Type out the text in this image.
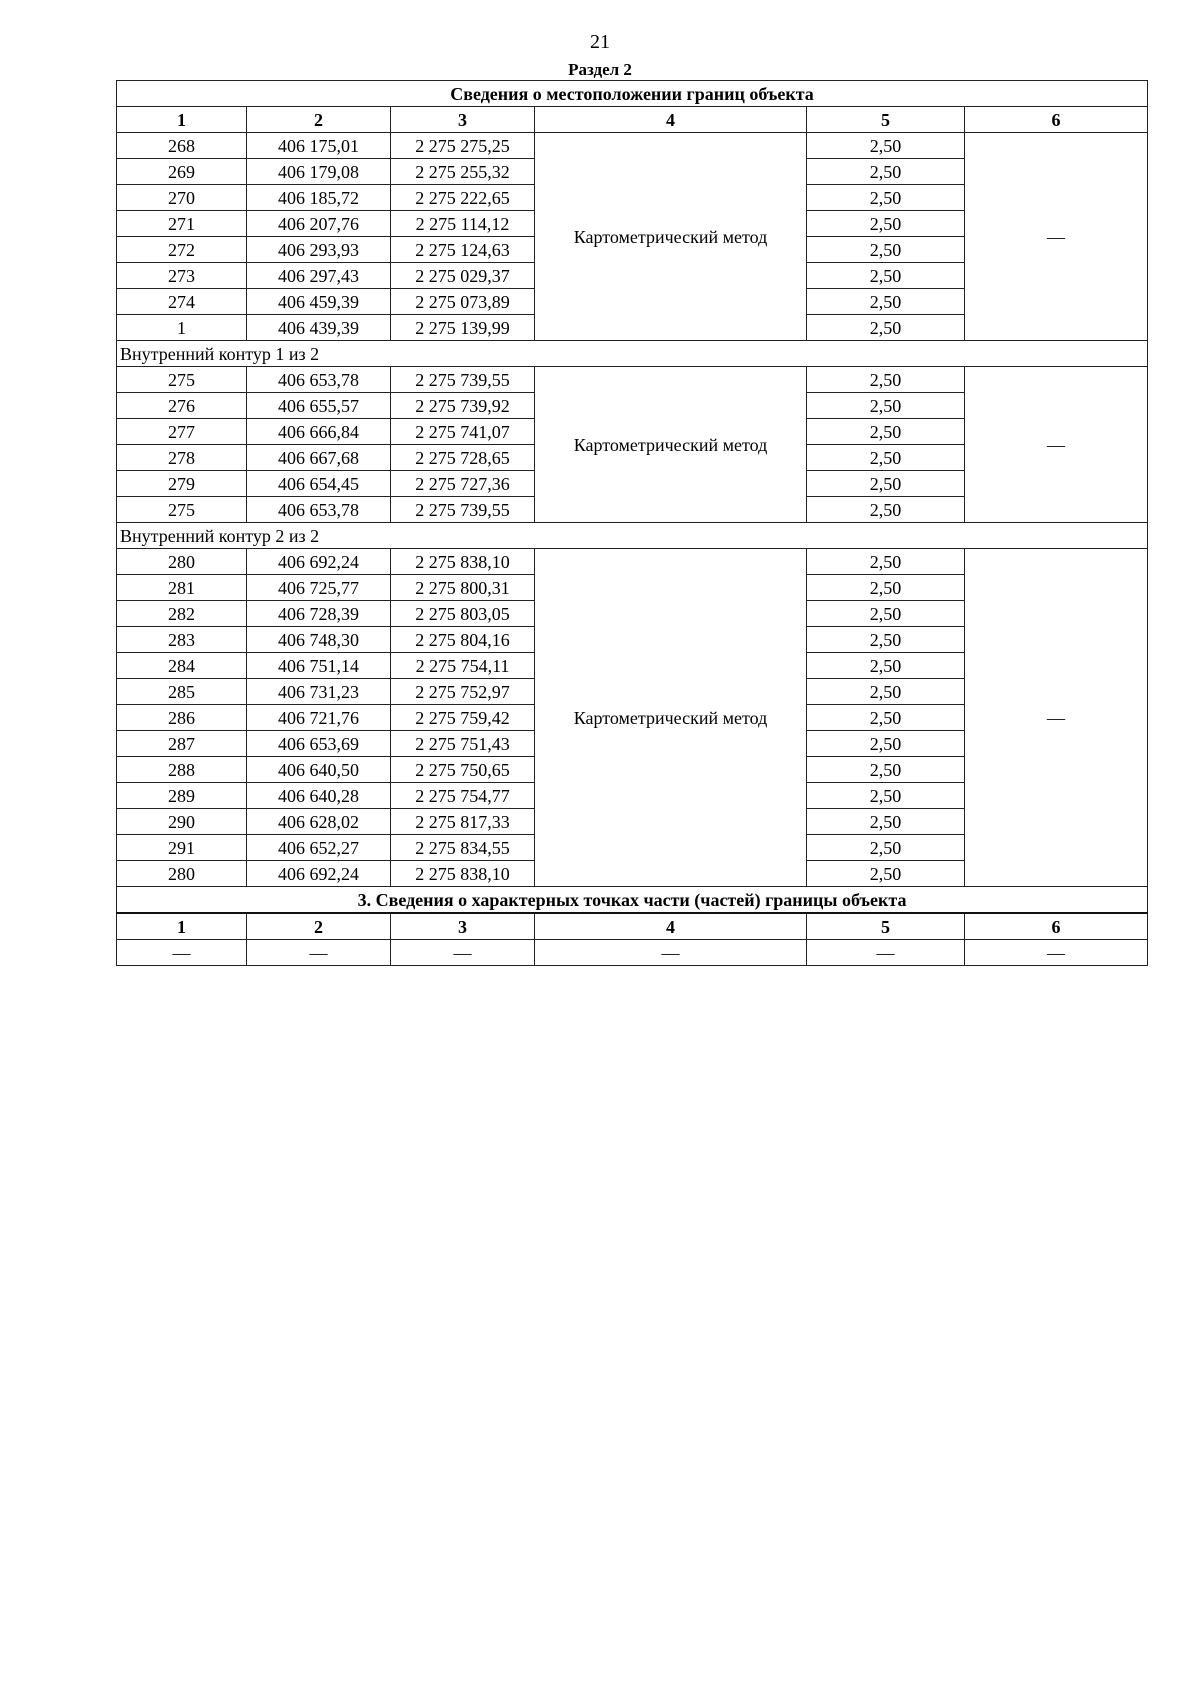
21
Раздел 2
Сведения о местоположении границ объекта					
1	2	3	4	5	6
268	406 175,01	2 275 275,25	Картометрический метод	2,50	—
269	406 179,08	2 275 255,32		2,50	
270	406 185,72	2 275 222,65		2,50	
271	406 207,76	2 275 114,12		2,50	
272	406 293,93	2 275 124,63		2,50	
273	406 297,43	2 275 029,37		2,50	
274	406 459,39	2 275 073,89		2,50	
1	406 439,39	2 275 139,99		2,50	
Внутренний контур 1 из 2					
275	406 653,78	2 275 739,55	Картометрический метод	2,50	—
276	406 655,57	2 275 739,92		2,50	
277	406 666,84	2 275 741,07		2,50	
278	406 667,68	2 275 728,65		2,50	
279	406 654,45	2 275 727,36		2,50	
275	406 653,78	2 275 739,55		2,50	
Внутренний контур 2 из 2					
280	406 692,24	2 275 838,10	Картометрический метод	2,50	—
281	406 725,77	2 275 800,31		2,50	
282	406 728,39	2 275 803,05		2,50	
283	406 748,30	2 275 804,16		2,50	
284	406 751,14	2 275 754,11		2,50	
285	406 731,23	2 275 752,97		2,50	
286	406 721,76	2 275 759,42		2,50	
287	406 653,69	2 275 751,43		2,50	
288	406 640,50	2 275 750,65		2,50	
289	406 640,28	2 275 754,77		2,50	
290	406 628,02	2 275 817,33		2,50	
291	406 652,27	2 275 834,55		2,50	
280	406 692,24	2 275 838,10		2,50	
3. Сведения о характерных точках части (частей) границы объекта					
1	2	3	4	5	6
—	—	—	—	—	—
